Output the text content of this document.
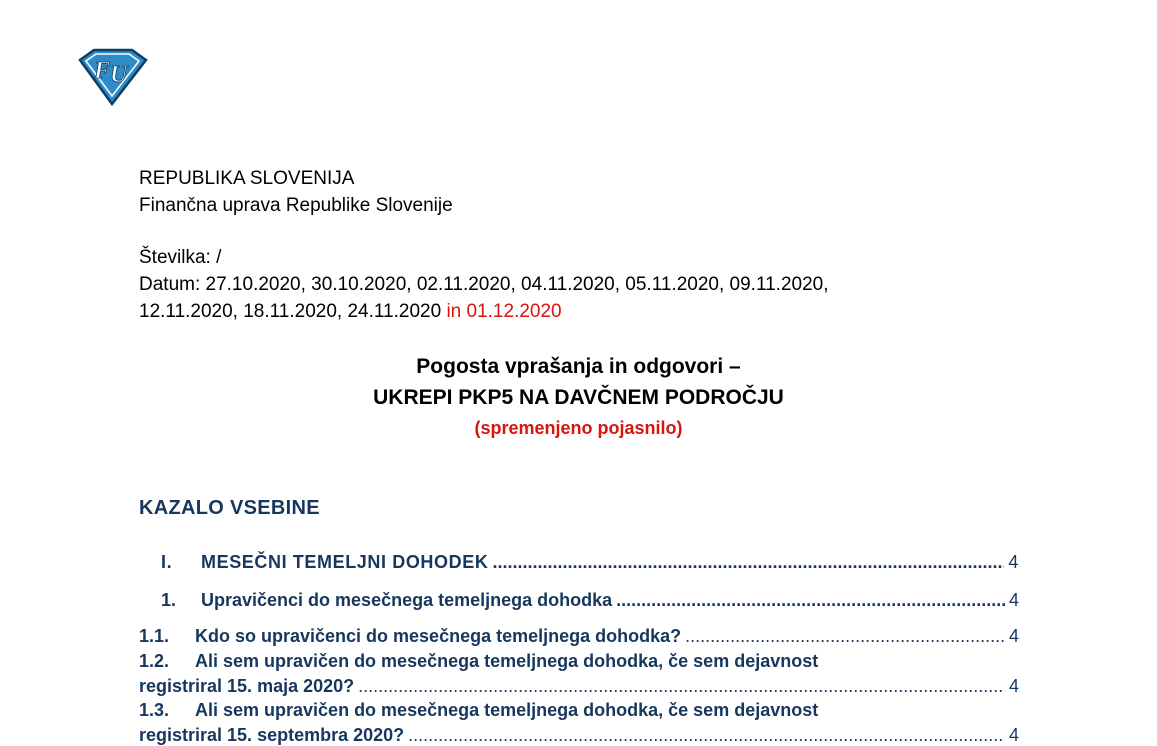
F U
REPUBLIKA SLOVENIJA
Finančna uprava Republike Slovenije
Številka: /
Datum: 27.10.2020, 30.10.2020, 02.11.2020, 04.11.2020, 05.11.2020, 09.11.2020,
12.11.2020, 18.11.2020, 24.11.2020 in 01.12.2020
Pogosta vprašanja in odgovori –
UKREPI PKP5 NA DAVČNEM PODROČJU
(spremenjeno pojasnilo)
KAZALO VSEBINE
I.	MESEČNI TEMELJNI DOHODEK .....	4
1.	Upravičenci do mesečnega temeljnega dohodka .....	4
1.1.	Kdo so upravičenci do mesečnega temeljnega dohodka? .....	4
1.2.	Ali sem upravičen do mesečnega temeljnega dohodka, če sem dejavnost
registriral 15. maja 2020? .....	4
1.3.	Ali sem upravičen do mesečnega temeljnega dohodka, če sem dejavnost
registriral 15. septembra 2020? .....	4
